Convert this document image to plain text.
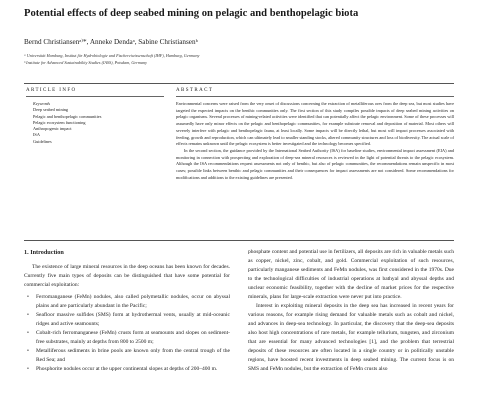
Potential effects of deep seabed mining on pelagic and benthopelagic biota
Bernd Christiansenᵃ⁾*, Anneke Dendaᵃ, Sabine Christiansenᵇ
ᵃ Universität Hamburg, Institut für Hydrobiologie und Fischereiwissenschaft (IHF), Hamburg, Germany
ᵇ Institute for Advanced Sustainability Studies (IASS), Potsdam, Germany
ARTICLE INFO	ABSTRACT
Keywords
Deep seabed mining
Pelagic and benthopelagic communities
Pelagic ecosystem functioning
Anthropogenic impact
ISA
Guidelines

Environmental concerns were raised from the very onset of discussions concerning the extraction of metalliferous ores from the deep sea, but most studies have targeted the expected impacts on the benthic communities only. The first section of this study compiles possible impacts of deep seabed mining activities on pelagic organisms. Several processes of mining-related activities were identified that can potentially affect the pelagic environment. Some of these processes will assumedly have only minor effects on the pelagic and benthopelagic communities, for example substrate removal and deposition of material. Most others will severely interfere with pelagic and benthopelagic fauna, at least locally. Some impacts will be directly lethal, but most will impact processes associated with feeding, growth and reproduction, which can ultimately lead to smaller standing stocks, altered community structures and loss of biodiversity. The actual scale of effects remains unknown until the pelagic ecosystem is better investigated and the technology becomes specified.

In the second section, the guidance provided by the International Seabed Authority (ISA) for baseline studies, environmental impact assessment (EIA) and monitoring in connection with prospecting and exploration of deep-sea mineral resources is reviewed in the light of potential threats to the pelagic ecosystem. Although the ISA recommendations request assessments not only of benthic, but also of pelagic communities, the recommendations remain unspecific in most cases; possible links between benthic and pelagic communities and their consequences for impact assessments are not considered. Some recommendations for modifications and additions to the existing guidelines are presented.

1. Introduction

The existence of large mineral resources in the deep oceans has been known for decades. Currently five main types of deposits can be distinguished that have some potential for commercial exploitation:

• Ferromanganese (FeMn) nodules, also called polymetallic nodules, occur on abyssal plains and are particularly abundant in the Pacific;
• Seafloor massive sulfides (SMS) form at hydrothermal vents, usually at mid-oceanic ridges and active seamounts;
• Cobalt-rich ferromanganese (FeMn) crusts form at seamounts and slopes on sediment-free substrates, mainly at depths from 800 to 2500 m;
• Metalliferous sediments in brine pools are known only from the central trough of the Red Sea; and
• Phosphorite nodules occur at the upper continental slopes at depths of 200–400 m.

phosphate content and potential use in fertilizers, all deposits are rich in valuable metals such as copper, nickel, zinc, cobalt, and gold. Commercial exploitation of such resources, particularly manganese sediments and FeMn nodules, was first considered in the 1970s. Due to the technological difficulties of industrial operations at bathyal and abyssal depths and unclear economic feasibility, together with the decline of market prices for the respective minerals, plans for large-scale extraction were never put into practice.

Interest in exploiting mineral deposits in the deep sea has increased in recent years for various reasons, for example rising demand for valuable metals such as cobalt and nickel, and advances in deep-sea technology. In particular, the discovery that the deep-sea deposits also host high concentrations of rare metals, for example tellurium, tungsten, and zirconium that are essential for many advanced technologies [1], and the problem that terrestrial deposits of these resources are often located in a single country or in politically unstable regions, have boosted recent investments in deep seabed mining. The current focus is on SMS and FeMn nodules, but the extraction of FeMn crusts also
